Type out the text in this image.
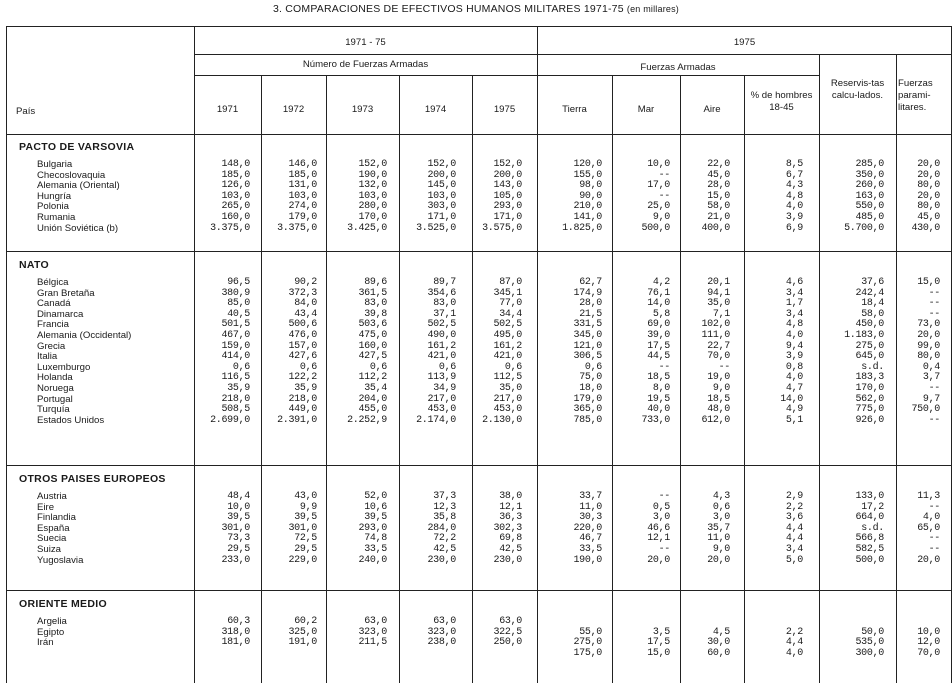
3. COMPARACIONES DE EFECTIVOS HUMANOS MILITARES 1971-75 (en millares)
1971 - 75	1975
Número de Fuerzas Armadas	Fuerzas Armadas
País	1971	1972	1973	1974	1975	Tierra	Mar	Aire
% de hombres 18-45
Reservis-tas calcu-lados.
Fuerzas parami-litares.
PACTO DE VARSOVIA
Bulgaria	148,0	146,0	152,0	152,0	152,0	120,0	10,0	22,0	8,5	285,0	20,0
Checoslovaquia	185,0	185,0	190,0	200,0	200,0	155,0	--	45,0	6,7	350,0	20,0
Alemania (Oriental)	126,0	131,0	132,0	145,0	143,0	98,0	17,0	28,0	4,3	260,0	80,0
Hungría	103,0	103,0	103,0	103,0	105,0	90,0	--	15,0	4,8	163,0	20,0
Polonia	265,0	274,0	280,0	303,0	293,0	210,0	25,0	58,0	4,0	550,0	80,0
Rumania	160,0	179,0	170,0	171,0	171,0	141,0	9,0	21,0	3,9	485,0	45,0
Unión Soviética (b)	3.375,0	3.375,0	3.425,0	3.525,0	3.575,0	1.825,0	500,0	400,0	6,9	5.700,0	430,0
NATO
Bélgica	96,5	90,2	89,6	89,7	87,0	62,7	4,2	20,1	4,6	37,6	15,0
Gran Bretaña	380,9	372,3	361,5	354,6	345,1	174,9	76,1	94,1	3,4	242,4	--
Canadá	85,0	84,0	83,0	83,0	77,0	28,0	14,0	35,0	1,7	18,4	--
Dinamarca	40,5	43,4	39,8	37,1	34,4	21,5	5,8	7,1	3,4	58,0	--
Francia	501,5	500,6	503,6	502,5	502,5	331,5	69,0	102,0	4,8	450,0	73,0
Alemania (Occidental)	467,0	476,0	475,0	490,0	495,0	345,0	39,0	111,0	4,0	1.183,0	20,0
Grecia	159,0	157,0	160,0	161,2	161,2	121,0	17,5	22,7	9,4	275,0	99,0
Italia	414,0	427,6	427,5	421,0	421,0	306,5	44,5	70,0	3,9	645,0	80,0
Luxemburgo	0,6	0,6	0,6	0,6	0,6	0,6	--	--	0,8	s.d.	0,4
Holanda	116,5	122,2	112,2	113,9	112,5	75,0	18,5	19,0	4,0	183,3	3,7
Noruega	35,9	35,9	35,4	34,9	35,0	18,0	8,0	9,0	4,7	170,0	--
Portugal	218,0	218,0	204,0	217,0	217,0	179,0	19,5	18,5	14,0	562,0	9,7
Turquía	508,5	449,0	455,0	453,0	453,0	365,0	40,0	48,0	4,9	775,0	750,0
Estados Unidos	2.699,0	2.391,0	2.252,9	2.174,0	2.130,0	785,0	733,0	612,0	5,1	926,0	--
OTROS PAISES EUROPEOS
Austria	48,4	43,0	52,0	37,3	38,0	33,7	--	4,3	2,9	133,0	11,3
Eire	10,0	9,9	10,6	12,3	12,1	11,0	0,5	0,6	2,2	17,2	--
Finlandia	39,5	39,5	39,5	35,8	36,3	30,3	3,0	3,0	3,6	664,0	4,0
España	301,0	301,0	293,0	284,0	302,3	220,0	46,6	35,7	4,4	s.d.	65,0
Suecia	73,3	72,5	74,8	72,2	69,8	46,7	12,1	11,0	4,4	566,8	--
Suiza	29,5	29,5	33,5	42,5	42,5	33,5	--	9,0	3,4	582,5	--
Yugoslavia	233,0	229,0	240,0	230,0	230,0	190,0	20,0	20,0	5,0	500,0	20,0
ORIENTE MEDIO
Argelia	60,3	60,2	63,0	63,0	63,0
Egipto	318,0	325,0	323,0	323,0	322,5	55,0	3,5	4,5	2,2	50,0	10,0
Irán	181,0	191,0	211,5	238,0	250,0	275,0	17,5	30,0	4,4	535,0	12,0
175,0	15,0	60,0	4,0	300,0	70,0
